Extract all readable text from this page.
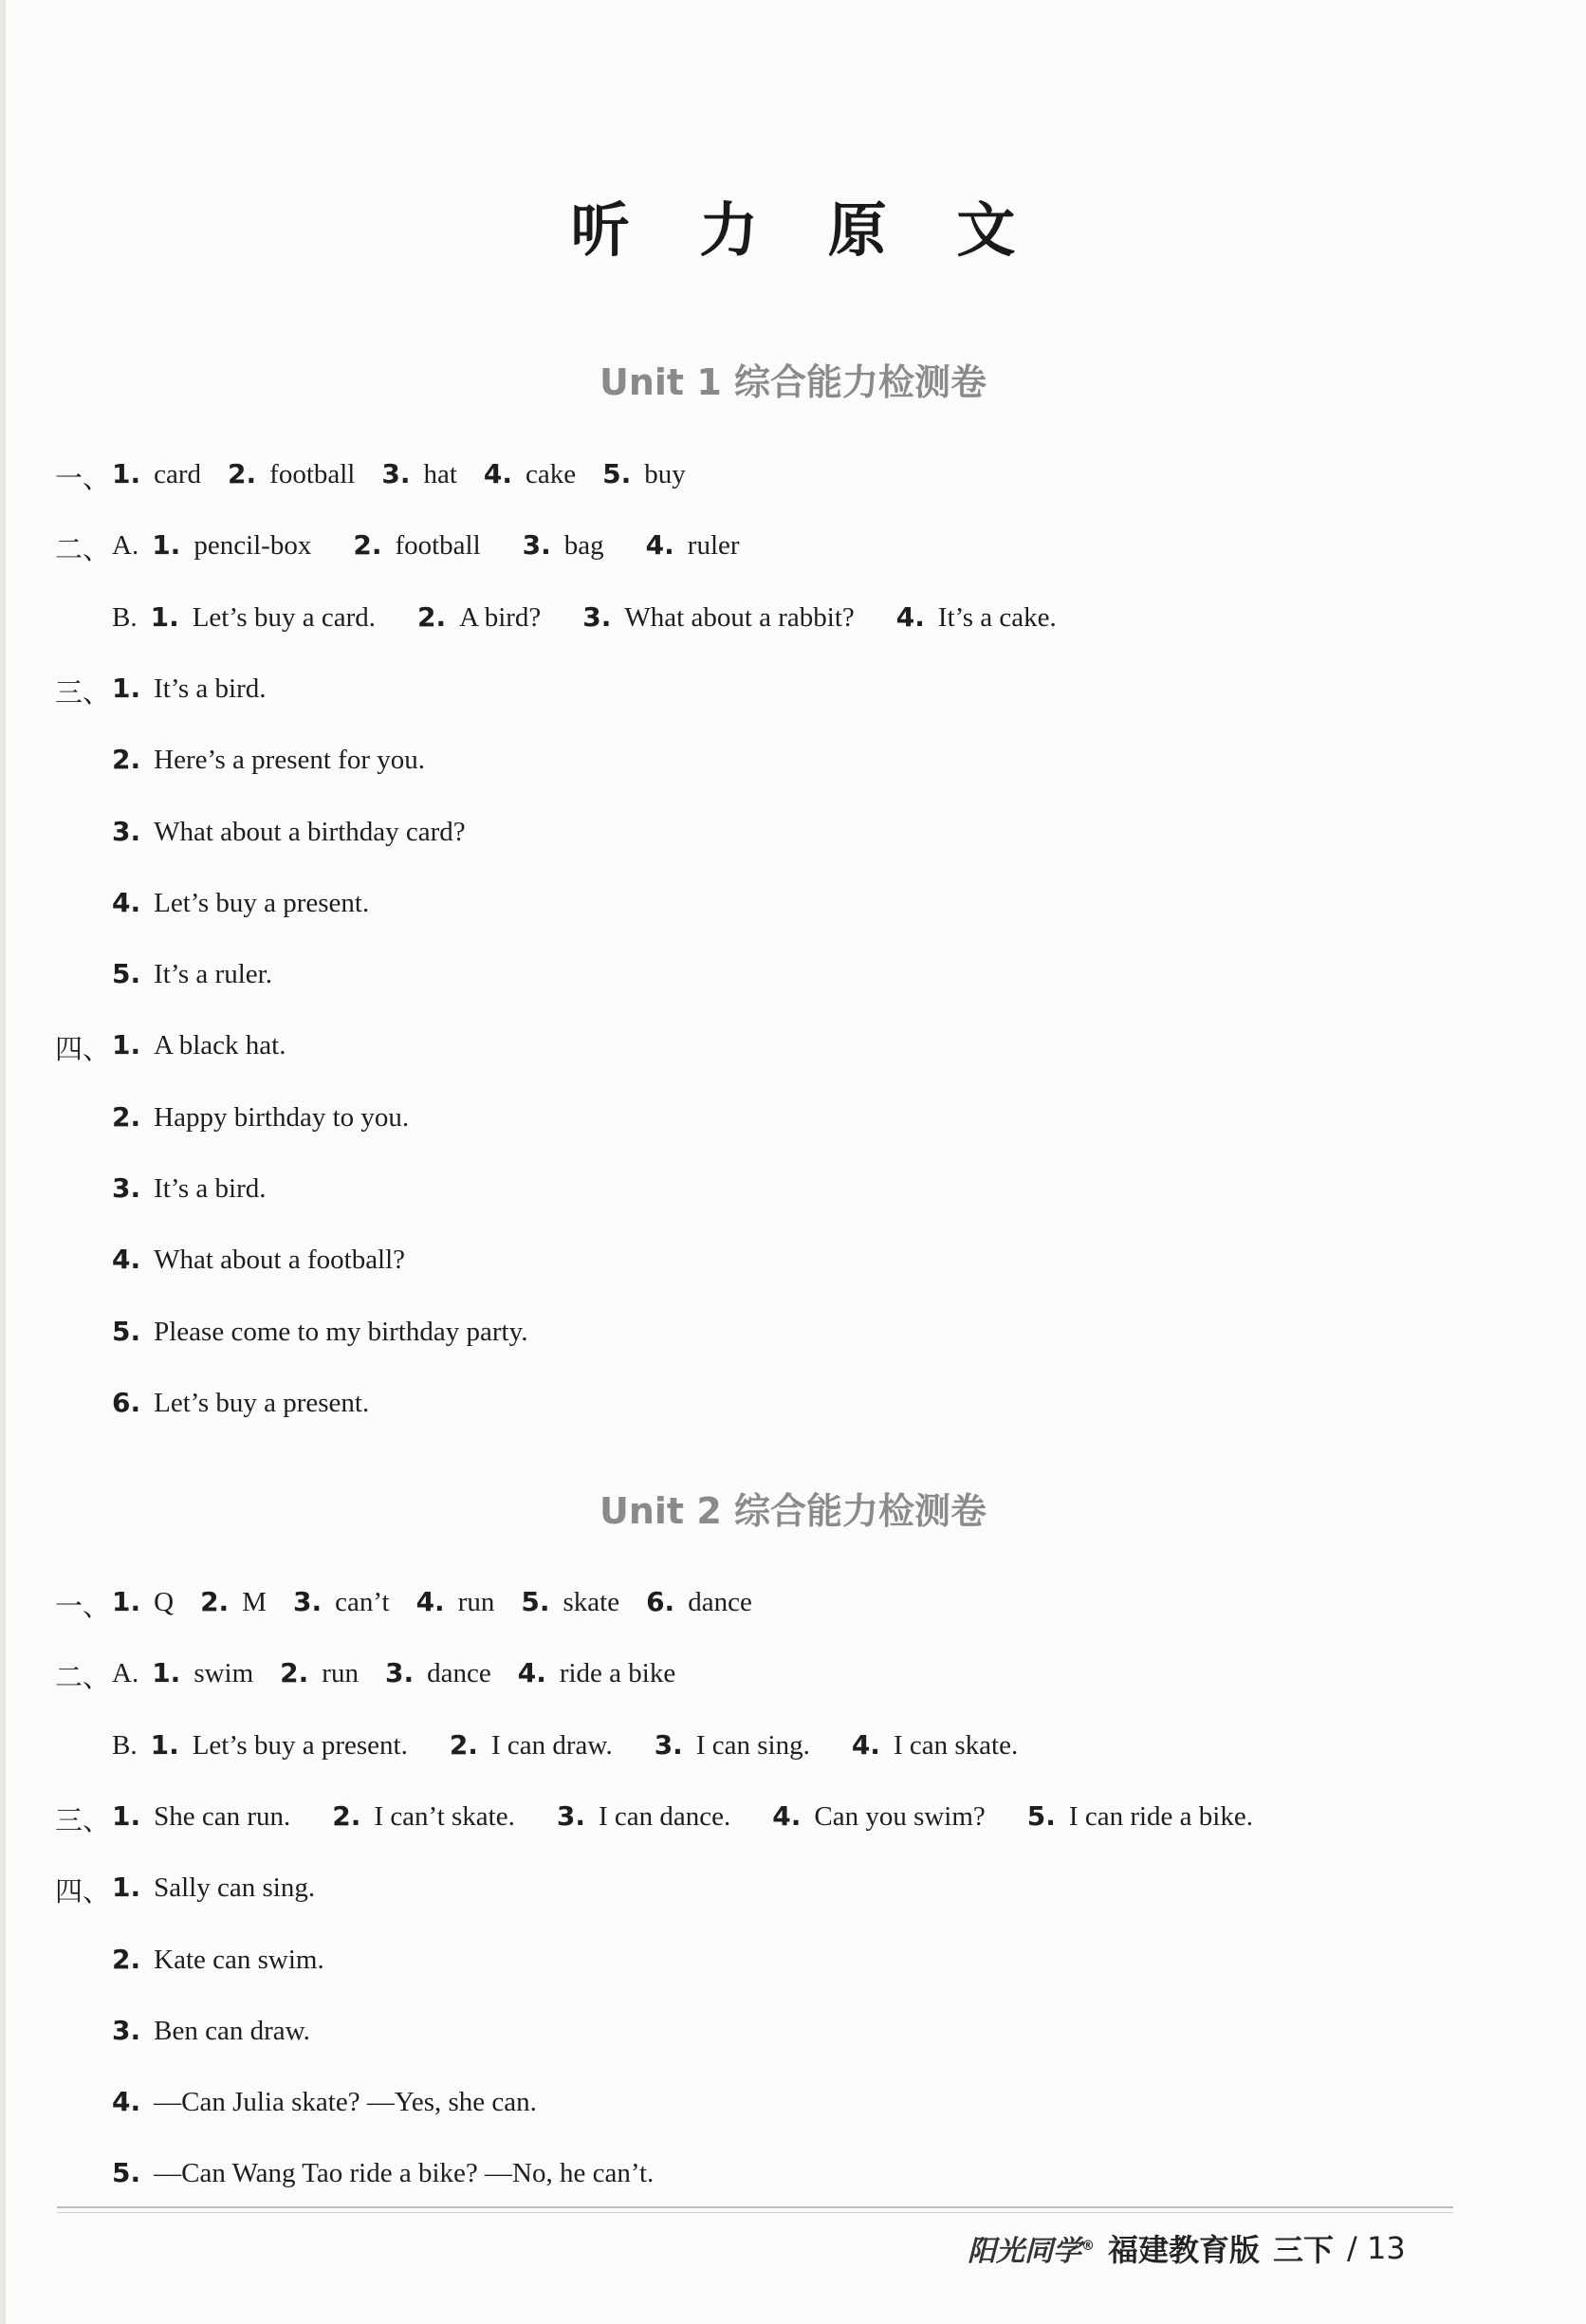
听 力 原 文
Unit 1 综合能力检测卷
一、 1. card 2. football 3. hat 4. cake 5. buy
二、 A. 1. pencil-box 2. football 3. bag 4. ruler
B. 1. Let’s buy a card. 2. A bird? 3. What about a rabbit? 4. It’s a cake.
三、 1. It’s a bird.
2. Here’s a present for you.
3. What about a birthday card?
4. Let’s buy a present.
5. It’s a ruler.
四、 1. A black hat.
2. Happy birthday to you.
3. It’s a bird.
4. What about a football?
5. Please come to my birthday party.
6. Let’s buy a present.
Unit 2 综合能力检测卷
一、 1. Q 2. M 3. can’t 4. run 5. skate 6. dance
二、 A. 1. swim 2. run 3. dance 4. ride a bike
B. 1. Let’s buy a present. 2. I can draw. 3. I can sing. 4. I can skate.
三、 1. She can run. 2. I can’t skate. 3. I can dance. 4. Can you swim? 5. I can ride a bike.
四、 1. Sally can sing.
2. Kate can swim.
3. Ben can draw.
4. —Can Julia skate? —Yes, she can.
5. —Can Wang Tao ride a bike? —No, he can’t.
阳光同学® 福建教育版 三下 / 13
